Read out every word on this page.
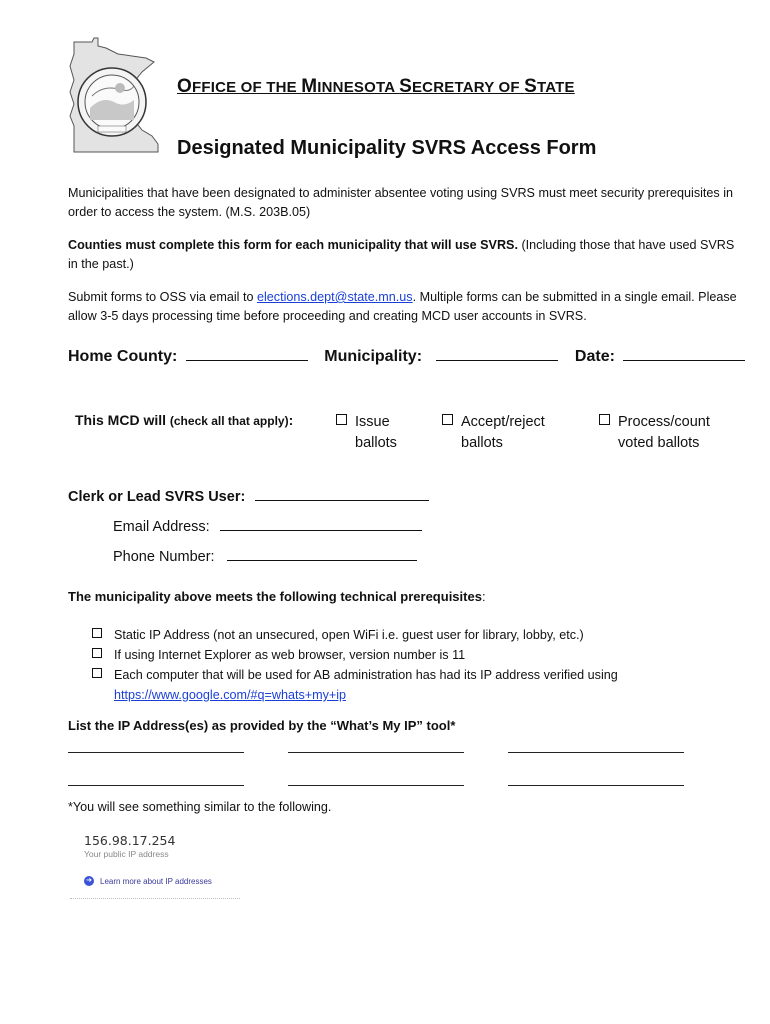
OFFICE OF THE MINNESOTA SECRETARY OF STATE
Designated Municipality SVRS Access Form
Municipalities that have been designated to administer absentee voting using SVRS must meet security prerequisites in order to access the system. (M.S. 203B.05)
Counties must complete this form for each municipality that will use SVRS. (Including those that have used SVRS in the past.)
Submit forms to OSS via email to elections.dept@state.mn.us. Multiple forms can be submitted in a single email. Please allow 3-5 days processing time before proceeding and creating MCD user accounts in SVRS.
Home County:	Municipality:	Date:
This MCD will (check all that apply):	Issue
ballots
Accept/reject
ballots
Process/count
voted ballots
Clerk or Lead SVRS User:
Email Address:
Phone Number:
The municipality above meets the following technical prerequisites:
Static IP Address (not an unsecured, open WiFi i.e. guest user for library, lobby, etc.)
If using Internet Explorer as web browser, version number is 11
Each computer that will be used for AB administration has had its IP address verified using
https://www.google.com/#q=whats+my+ip
List the IP Address(es) as provided by the “What’s My IP” tool*
*You will see something similar to the following.
156.98.17.254
Your public IP address
➜ Learn more about IP addresses
